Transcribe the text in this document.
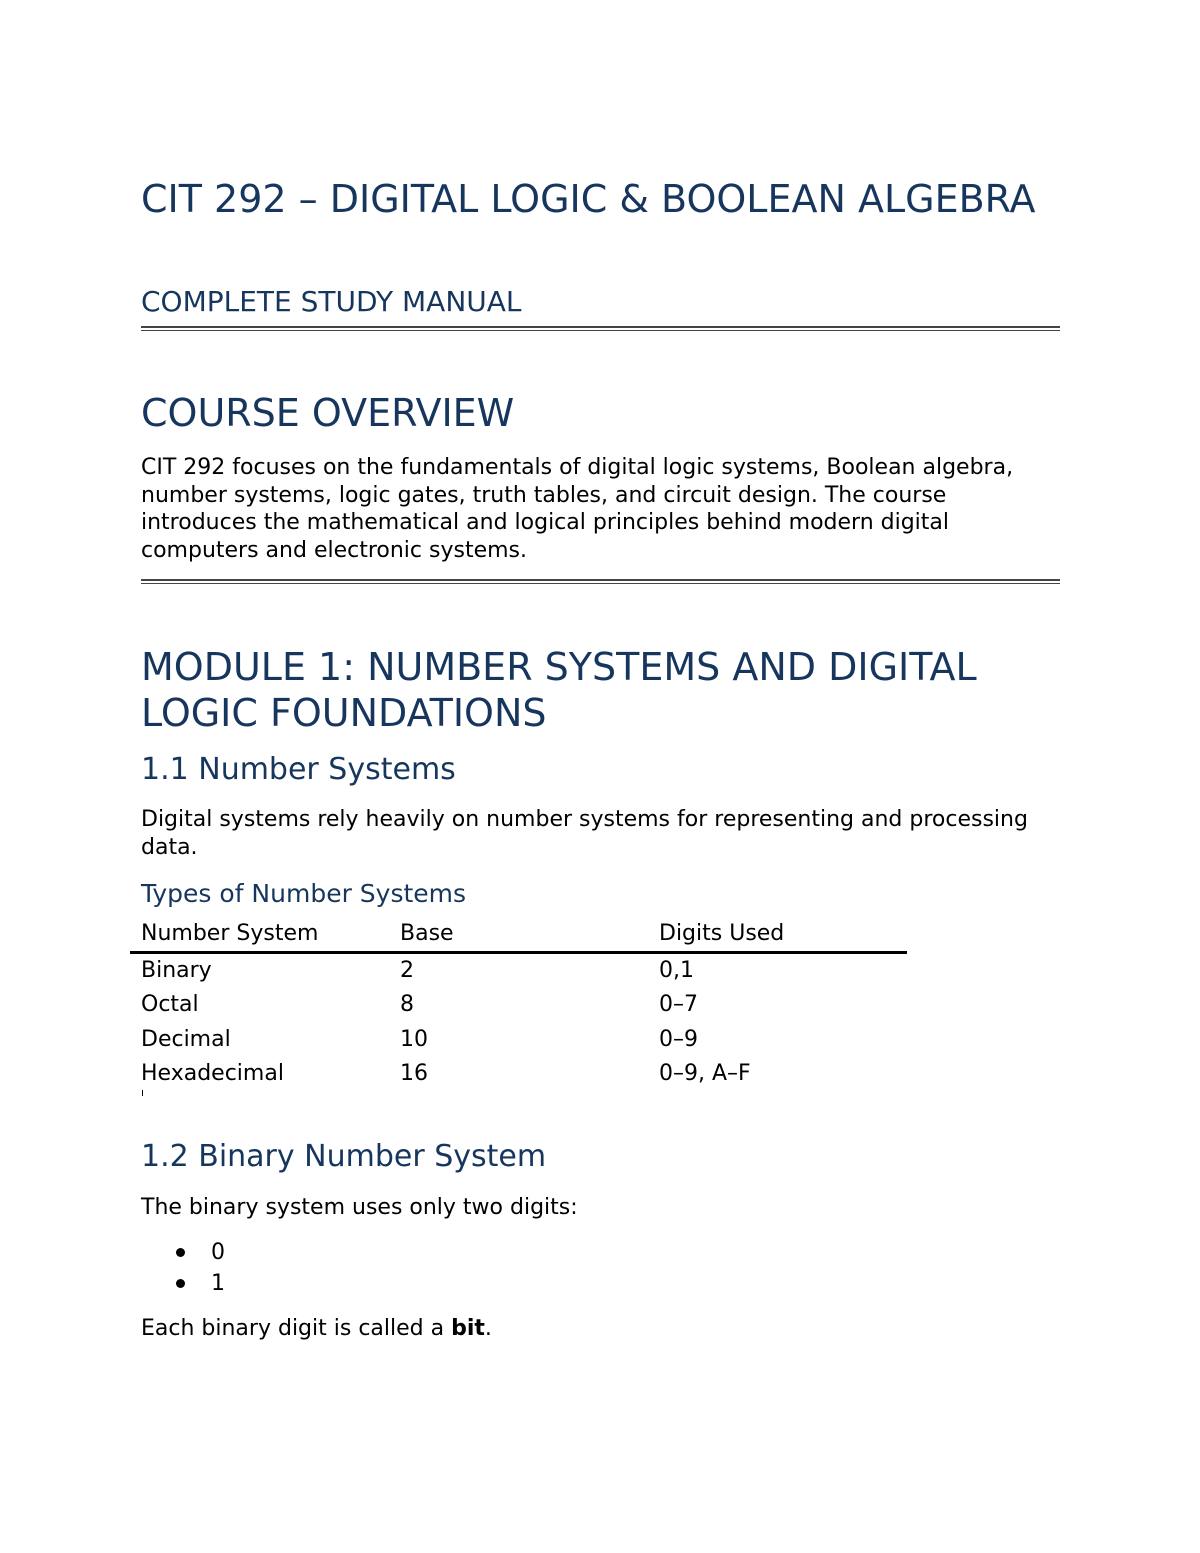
CIT 292 – DIGITAL LOGIC & BOOLEAN ALGEBRA
COMPLETE STUDY MANUAL
COURSE OVERVIEW

CIT 292 focuses on the fundamentals of digital logic systems, Boolean algebra, number systems, logic gates, truth tables, and circuit design. The course introduces the mathematical and logical principles behind modern digital computers and electronic systems.

MODULE 1: NUMBER SYSTEMS AND DIGITAL LOGIC FOUNDATIONS
1.1 Number Systems

Digital systems rely heavily on number systems for representing and processing data.

Types of Number Systems
Number System	Base	Digits Used
Binary	2	0,1
Octal	8	0–7
Decimal	10	0–9
Hexadecimal	16	0–9, A–F
1.2 Binary Number System

The binary system uses only two digits:

0
1

Each binary digit is called a bit.
